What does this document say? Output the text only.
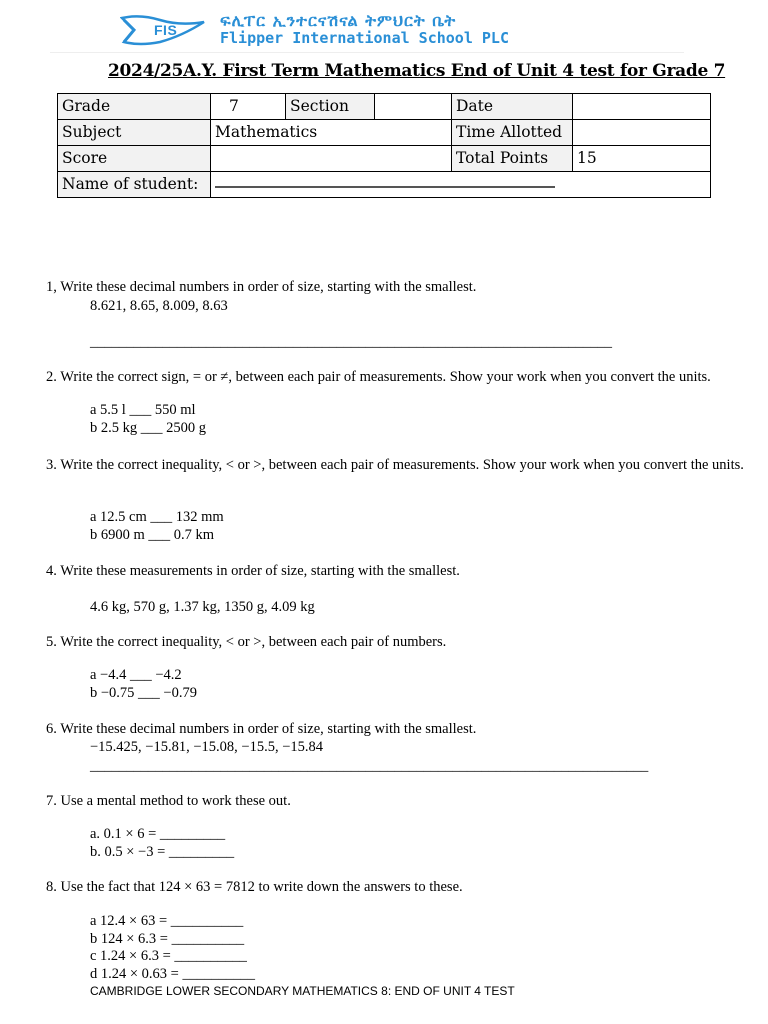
FIS	ፍሊፐር ኢንተርናሽናል ትምህርት ቤት
Flipper International School PLC
2024/25A.Y. First Term Mathematics End of Unit 4 test for Grade 7
Grade	7	Section		Date	
Subject	Mathematics			Time Allotted	
Score				Total Points	15
Name of student:					
1, Write these decimal numbers in order of size, starting with the smallest.
8.621, 8.65, 8.009, 8.63
________________________________________________________________________
2. Write the correct sign, = or ≠, between each pair of measurements. Show your work when you convert the units.
a 5.5 l ___ 550 ml
b 2.5 kg ___ 2500 g
3. Write the correct inequality, < or >, between each pair of measurements. Show your work when you convert the units.
a 12.5 cm ___ 132 mm
b 6900 m ___ 0.7 km
4. Write these measurements in order of size, starting with the smallest.
4.6 kg, 570 g, 1.37 kg, 1350 g, 4.09 kg
5. Write the correct inequality, < or >, between each pair of numbers.
a −4.4 ___ −4.2
b −0.75 ___ −0.79
6. Write these decimal numbers in order of size, starting with the smallest.
−15.425, −15.81, −15.08, −15.5, −15.84
_____________________________________________________________________________
7. Use a mental method to work these out.
a. 0.1 × 6 = _________
b. 0.5 × −3 = _________
8. Use the fact that 124 × 63 = 7812 to write down the answers to these.
a 12.4 × 63 = __________
b 124 × 6.3 = __________
c 1.24 × 6.3 = __________
d 1.24 × 0.63 = __________
CAMBRIDGE LOWER SECONDARY MATHEMATICS 8: END OF UNIT 4 TEST
